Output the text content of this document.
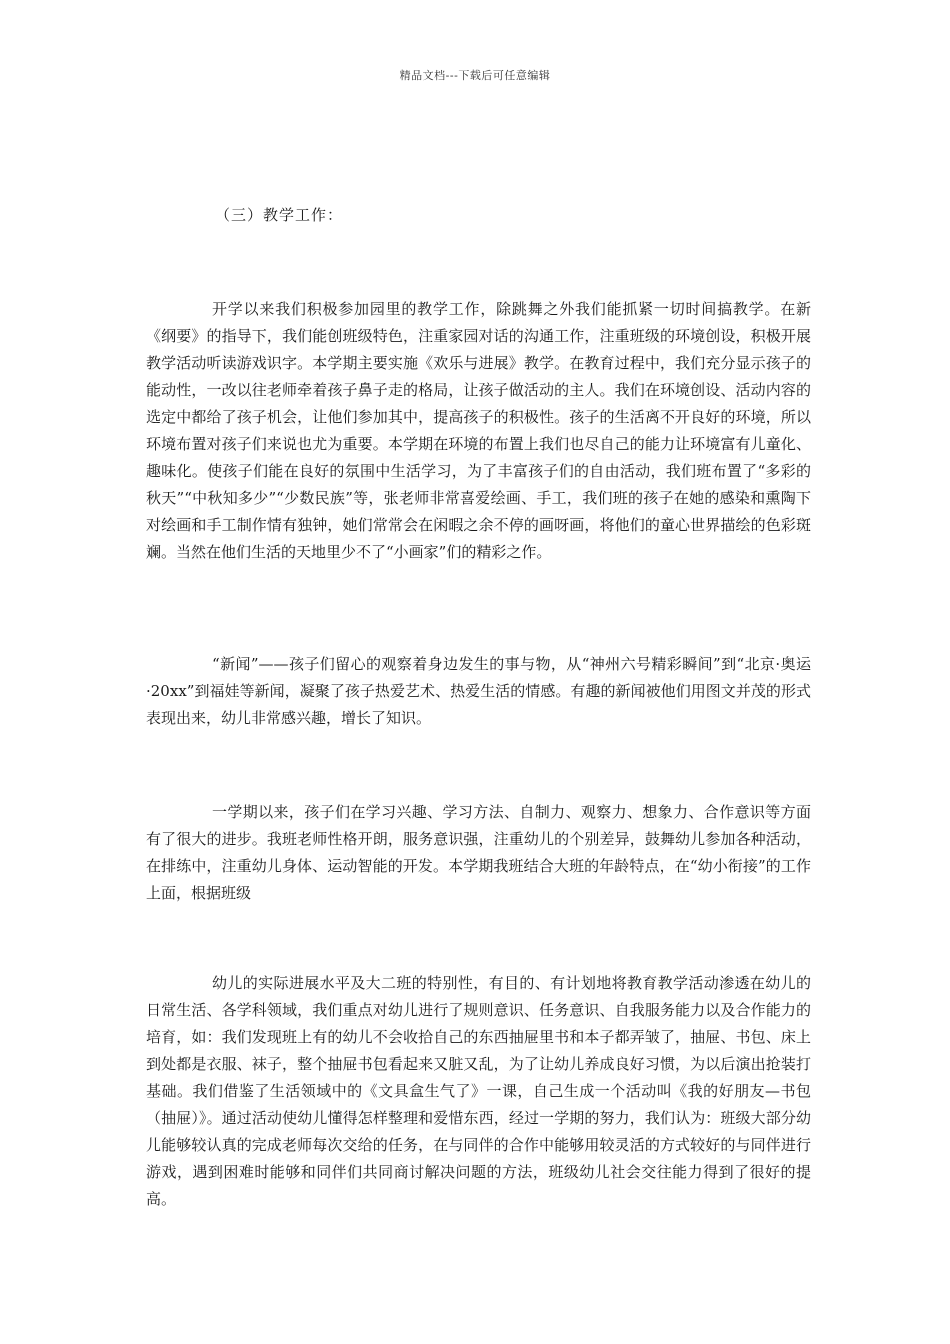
精品文档---下载后可任意编辑
（三）教学工作：

开学以来我们积极参加园里的教学工作，除跳舞之外我们能抓紧一切时间搞教学。在新《纲要》的指导下，我们能创班级特色，注重家园对话的沟通工作，注重班级的环境创设，积极开展教学活动听读游戏识字。本学期主要实施《欢乐与进展》教学。在教育过程中，我们充分显示孩子的能动性，一改以往老师牵着孩子鼻子走的格局，让孩子做活动的主人。我们在环境创设、活动内容的选定中都给了孩子机会，让他们参加其中，提高孩子的积极性。孩子的生活离不开良好的环境，所以环境布置对孩子们来说也尤为重要。本学期在环境的布置上我们也尽自己的能力让环境富有儿童化、趣味化。使孩子们能在良好的氛围中生活学习，为了丰富孩子们的自由活动，我们班布置了“多彩的秋天”“中秋知多少”“少数民族”等，张老师非常喜爱绘画、手工，我们班的孩子在她的感染和熏陶下对绘画和手工制作情有独钟，她们常常会在闲暇之余不停的画呀画，将他们的童心世界描绘的色彩斑斓。当然在他们生活的天地里少不了“小画家”们的精彩之作。

“新闻”——孩子们留心的观察着身边发生的事与物，从“神州六号精彩瞬间”到“北京·奥运·20xx”到福娃等新闻，凝聚了孩子热爱艺术、热爱生活的情感。有趣的新闻被他们用图文并茂的形式表现出来，幼儿非常感兴趣，增长了知识。

一学期以来，孩子们在学习兴趣、学习方法、自制力、观察力、想象力、合作意识等方面有了很大的进步。我班老师性格开朗，服务意识强，注重幼儿的个别差异，鼓舞幼儿参加各种活动，在排练中，注重幼儿身体、运动智能的开发。本学期我班结合大班的年龄特点，在“幼小衔接”的工作上面，根据班级

幼儿的实际进展水平及大二班的特别性，有目的、有计划地将教育教学活动渗透在幼儿的日常生活、各学科领域，我们重点对幼儿进行了规则意识、任务意识、自我服务能力以及合作能力的培育，如：我们发现班上有的幼儿不会收拾自己的东西抽屉里书和本子都弄皱了，抽屉、书包、床上到处都是衣服、袜子，整个抽屉书包看起来又脏又乱，为了让幼儿养成良好习惯，为以后演出抢装打基础。我们借鉴了生活领域中的《文具盒生气了》一课，自己生成一个活动叫《我的好朋友—书包（抽屉）》。通过活动使幼儿懂得怎样整理和爱惜东西，经过一学期的努力，我们认为：班级大部分幼儿能够较认真的完成老师每次交给的任务，在与同伴的合作中能够用较灵活的方式较好的与同伴进行游戏，遇到困难时能够和同伴们共同商讨解决问题的方法，班级幼儿社会交往能力得到了很好的提高。
